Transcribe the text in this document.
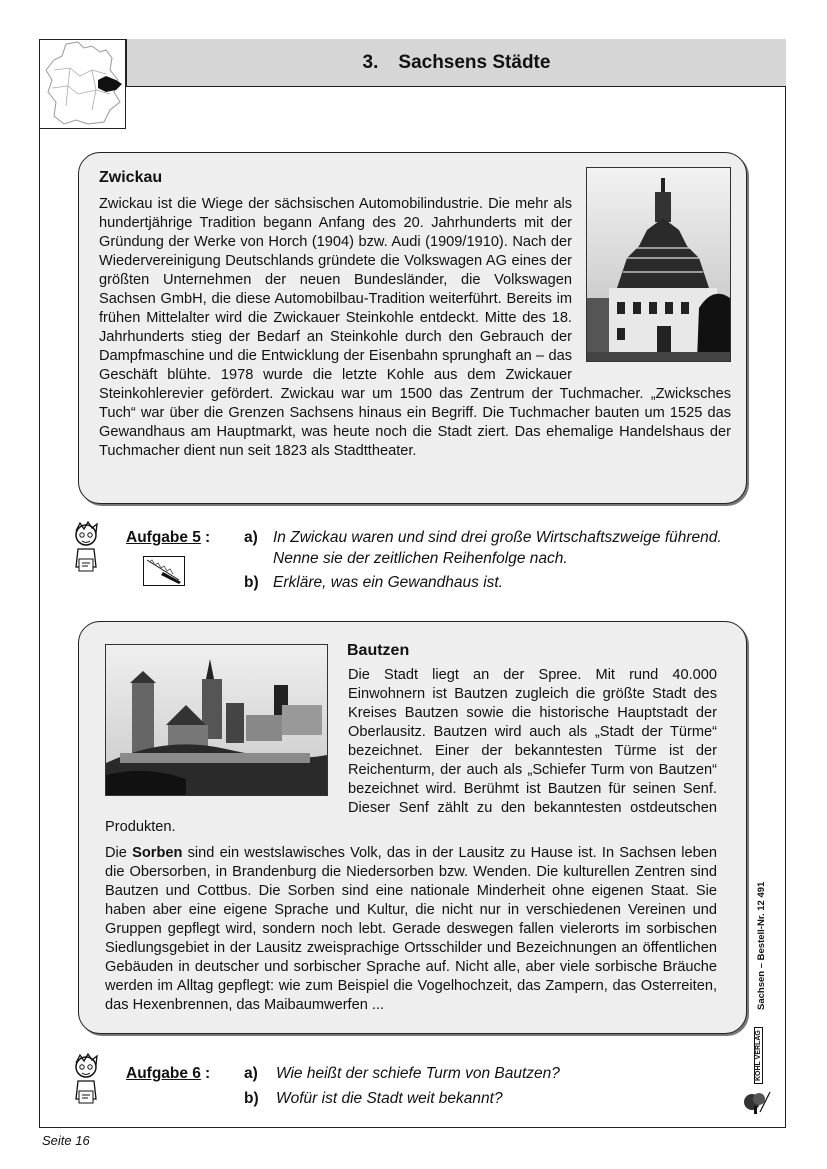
3. Sachsens Städte
Zwickau

Zwickau ist die Wiege der sächsischen Automobilindustrie. Die mehr als hundertjährige Tradition begann Anfang des 20. Jahrhunderts mit der Gründung der Werke von Horch (1904) bzw. Audi (1909/1910). Nach der Wiedervereinigung Deutschlands gründete die Volkswagen AG eines der größten Unternehmen der neuen Bundesländer, die Volkswagen Sachsen GmbH, die diese Automobilbau-Tradition weiterführt. Bereits im frühen Mittelalter wird die Zwickauer Steinkohle entdeckt. Mitte des 18. Jahrhunderts stieg der Bedarf an Steinkohle durch den Gebrauch der Dampfmaschine und die Entwicklung der Eisenbahn sprunghaft an – das Geschäft blühte. 1978 wurde die letzte Kohle aus dem Zwickauer Steinkohlerevier gefördert. Zwickau war um 1500 das Zentrum der Tuchmacher. „Zwicksches Tuch“ war über die Grenzen Sachsens hinaus ein Begriff. Die Tuchmacher bauten um 1525 das Gewandhaus am Hauptmarkt, was heute noch die Stadt ziert. Das ehemalige Handelshaus der Tuchmacher dient nun seit 1823 als Stadttheater.

Aufgabe 5 : a) In Zwickau waren und sind drei große Wirtschaftszweige führend.
Nenne sie der zeitlichen Reihenfolge nach.
b) Erkläre, was ein Gewandhaus ist.
Bautzen

Die Stadt liegt an der Spree. Mit rund 40.000 Einwohnern ist Bautzen zugleich die größte Stadt des Kreises Bautzen sowie die historische Hauptstadt der Oberlausitz. Bautzen wird auch als „Stadt der Türme“ bezeichnet. Einer der bekanntesten Türme ist der Reichenturm, der auch als „Schiefer Turm von Bautzen“ bezeichnet wird. Berühmt ist Bautzen für seinen Senf. Dieser Senf zählt zu den bekanntesten ostdeutschen Produkten.

Die Sorben sind ein westslawisches Volk, das in der Lausitz zu Hause ist. In Sachsen leben die Obersorben, in Brandenburg die Niedersorben bzw. Wenden. Die kulturellen Zentren sind Bautzen und Cottbus. Die Sorben sind eine nationale Minderheit ohne eigenen Staat. Sie haben aber eine eigene Sprache und Kultur, die nicht nur in verschiedenen Vereinen und Gruppen gepflegt wird, sondern noch lebt. Gerade deswegen fallen vielerorts im sorbischen Siedlungsgebiet in der Lausitz zweisprachige Ortsschilder und Bezeichnungen an öffentlichen Gebäuden in deutscher und sorbischer Sprache auf. Nicht alle, aber viele sorbische Bräuche werden im Alltag gepflegt: wie zum Beispiel die Vogelhochzeit, das Zampern, das Osterreiten, das Hexenbrennen, das Maibaumwerfen ...

Aufgabe 6 : a) Wie heißt der schiefe Turm von Bautzen?
b) Wofür ist die Stadt weit bekannt?
Sachsen – Bestell-Nr. 12 491
KOHL VERLAG
Seite 16
